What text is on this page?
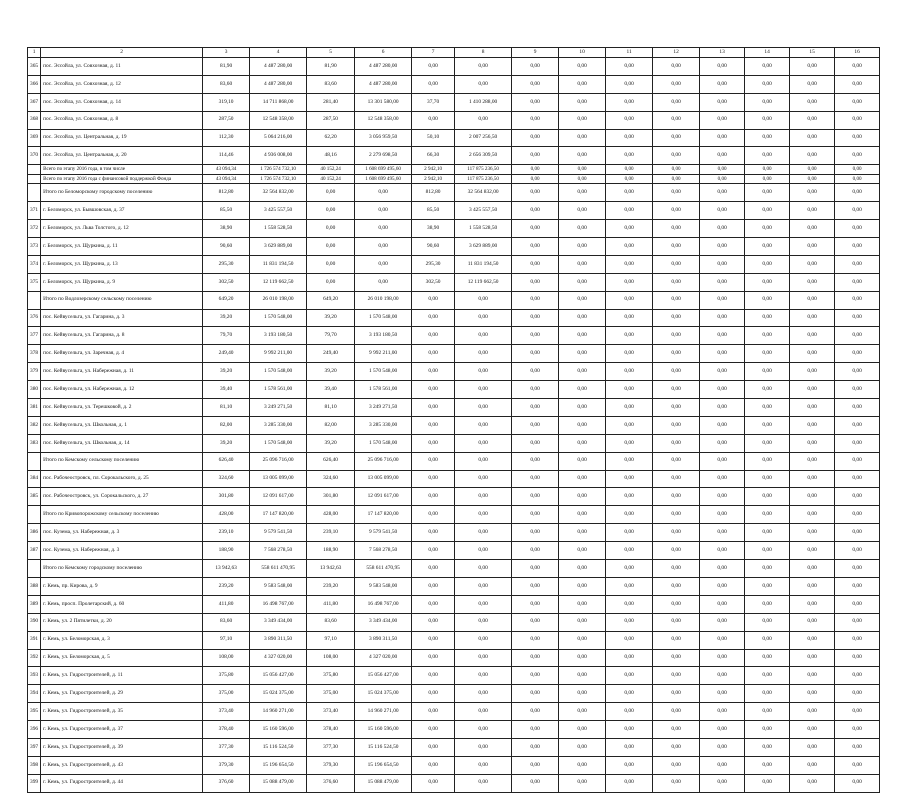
1	2	3	4	5	6	7	8	9	10	11	12	13	14	15	16
365	пос. Эссойла, ул. Совхозная, д. 11	81,90	4 487 280,00	81,90	4 487 280,00	0,00	0,00	0,00	0,00	0,00	0,00	0,00	0,00	0,00	0,00
366	пос. Эссойла, ул. Совхозная, д. 12	83,60	4 487 280,00	83,60	4 487 280,00	0,00	0,00	0,00	0,00	0,00	0,00	0,00	0,00	0,00	0,00
367	пос. Эссойла, ул. Совхозная, д. 14	319,10	14 711 868,00	281,40	13 301 580,00	37,70	1 410 288,00	0,00	0,00	0,00	0,00	0,00	0,00	0,00	0,00
368	пос. Эссойла, ул. Совхозная, д. 8	287,50	12 548 358,00	287,50	12 548 358,00	0,00	0,00	0,00	0,00	0,00	0,00	0,00	0,00	0,00	0,00
369	пос. Эссойла, ул. Центральная, д. 19	112,30	5 064 216,00	62,20	3 056 959,50	50,10	2 007 256,50	0,00	0,00	0,00	0,00	0,00	0,00	0,00	0,00
370	пос. Эссойла, ул. Центральная, д. 20	114,46	4 936 008,00	48,16	2 279 698,50	66,30	2 656 309,50	0,00	0,00	0,00	0,00	0,00	0,00	0,00	0,00
	Всего по этапу 2016 года, в том числе	43 094,34	1 726 574 732,10	40 152,24	1 608 699 495,60	2 942,10	117 875 236,50	0,00	0,00	0,00	0,00	0,00	0,00	0,00	0,00
	Всего по этапу 2016 года с финансовой поддержкой Фонда	43 094,34	1 726 574 732,10	40 152,24	1 608 699 495,60	2 942,10	117 875 236,50	0,00	0,00	0,00	0,00	0,00	0,00	0,00	0,00
	Итого по Беломорскому городскому поселению	812,80	32 564 832,00	0,00	0,00	812,80	32 564 832,00	0,00	0,00	0,00	0,00	0,00	0,00	0,00	0,00
371	г. Беломорск, ул. Бывшовская, д. 37	85,50	3 425 557,50	0,00	0,00	85,50	3 425 557,50	0,00	0,00	0,00	0,00	0,00	0,00	0,00	0,00
372	г. Беломорск, ул. Льва Толстого, д. 12	38,90	1 558 528,50	0,00	0,00	38,90	1 558 528,50	0,00	0,00	0,00	0,00	0,00	0,00	0,00	0,00
373	г. Беломорск, ул. Щуркина, д. 11	90,60	3 629 889,00	0,00	0,00	90,60	3 629 889,00	0,00	0,00	0,00	0,00	0,00	0,00	0,00	0,00
374	г. Беломорск, ул. Щуркина, д. 13	295,30	11 831 194,50	0,00	0,00	295,30	11 831 194,50	0,00	0,00	0,00	0,00	0,00	0,00	0,00	0,00
375	г. Беломорск, ул. Щуркина, д. 9	302,50	12 119 662,50	0,00	0,00	302,50	12 119 662,50	0,00	0,00	0,00	0,00	0,00	0,00	0,00	0,00
	Итого по Водлозерскому сельскому поселению	649,20	26 010 198,00	649,20	26 010 198,00	0,00	0,00	0,00	0,00	0,00	0,00	0,00	0,00	0,00	0,00
376	пос. Кейвусельга, ул. Гагарина, д. 3	39,20	1 570 548,00	39,20	1 570 548,00	0,00	0,00	0,00	0,00	0,00	0,00	0,00	0,00	0,00	0,00
377	пос. Кейвусельга, ул. Гагарина, д. 8	79,70	3 193 180,50	79,70	3 193 180,50	0,00	0,00	0,00	0,00	0,00	0,00	0,00	0,00	0,00	0,00
378	пос. Кейвусельга, ул. Заречная, д. 4	249,40	9 992 211,00	249,40	9 992 211,00	0,00	0,00	0,00	0,00	0,00	0,00	0,00	0,00	0,00	0,00
379	пос. Кейвусельга, ул. Набережная, д. 11	39,20	1 570 548,00	39,20	1 570 548,00	0,00	0,00	0,00	0,00	0,00	0,00	0,00	0,00	0,00	0,00
380	пос. Кейвусельга, ул. Набережная, д. 12	39,40	1 578 561,00	39,40	1 578 561,00	0,00	0,00	0,00	0,00	0,00	0,00	0,00	0,00	0,00	0,00
381	пос. Кейвусельга, ул. Терешковой, д. 2	81,10	3 249 271,50	81,10	3 249 271,50	0,00	0,00	0,00	0,00	0,00	0,00	0,00	0,00	0,00	0,00
382	пос. Кейвусельга, ул. Школьная, д. 1	82,00	3 285 330,00	82,00	3 285 330,00	0,00	0,00	0,00	0,00	0,00	0,00	0,00	0,00	0,00	0,00
383	пос. Кейвусельга, ул. Школьная, д. 14	39,20	1 570 548,00	39,20	1 570 548,00	0,00	0,00	0,00	0,00	0,00	0,00	0,00	0,00	0,00	0,00
	Итого по Кемскому сельскому поселению	626,40	25 096 716,00	626,40	25 096 716,00	0,00	0,00	0,00	0,00	0,00	0,00	0,00	0,00	0,00	0,00
384	пос. Рабочеостровск, пл. Сорокальского, д. 25	324,60	13 005 099,00	324,60	13 005 099,00	0,00	0,00	0,00	0,00	0,00	0,00	0,00	0,00	0,00	0,00
385	пос. Рабочеостровск, ул. Сорокальского, д. 27	301,80	12 091 617,00	301,80	12 091 617,00	0,00	0,00	0,00	0,00	0,00	0,00	0,00	0,00	0,00	0,00
	Итого по Кривопорожскому сельскому поселению	428,00	17 147 820,00	428,00	17 147 820,00	0,00	0,00	0,00	0,00	0,00	0,00	0,00	0,00	0,00	0,00
386	пос. Кузема, ул. Набережная, д. 3	239,10	9 579 541,50	239,10	9 579 541,50	0,00	0,00	0,00	0,00	0,00	0,00	0,00	0,00	0,00	0,00
387	пос. Кузема, ул. Набережная, д. 3	188,90	7 568 278,50	188,90	7 568 278,50	0,00	0,00	0,00	0,00	0,00	0,00	0,00	0,00	0,00	0,00
	Итого по Кемскому городскому поселению	13 942,63	558 611 470,95	13 942,63	558 611 470,95	0,00	0,00	0,00	0,00	0,00	0,00	0,00	0,00	0,00	0,00
388	г. Кемь, пр. Кирова, д. 9	239,20	9 583 548,00	239,20	9 583 548,00	0,00	0,00	0,00	0,00	0,00	0,00	0,00	0,00	0,00	0,00
389	г. Кемь, просп. Пролетарский, д. 60	411,80	16 498 767,00	411,80	16 498 767,00	0,00	0,00	0,00	0,00	0,00	0,00	0,00	0,00	0,00	0,00
390	г. Кемь, ул. 2 Пятилетки, д. 20	83,60	3 349 434,00	83,60	3 349 434,00	0,00	0,00	0,00	0,00	0,00	0,00	0,00	0,00	0,00	0,00
391	г. Кемь, ул. Беломорская, д. 3	97,10	3 890 311,50	97,10	3 890 311,50	0,00	0,00	0,00	0,00	0,00	0,00	0,00	0,00	0,00	0,00
392	г. Кемь, ул. Беломорская, д. 5	108,00	4 327 020,00	108,00	4 327 020,00	0,00	0,00	0,00	0,00	0,00	0,00	0,00	0,00	0,00	0,00
393	г. Кемь, ул. Гидростроителей, д. 11	375,80	15 056 427,00	375,80	15 056 427,00	0,00	0,00	0,00	0,00	0,00	0,00	0,00	0,00	0,00	0,00
394	г. Кемь, ул. Гидростроителей, д. 29	375,00	15 024 375,00	375,00	15 024 375,00	0,00	0,00	0,00	0,00	0,00	0,00	0,00	0,00	0,00	0,00
395	г. Кемь, ул. Гидростроителей, д. 35	373,40	14 960 271,00	373,40	14 960 271,00	0,00	0,00	0,00	0,00	0,00	0,00	0,00	0,00	0,00	0,00
396	г. Кемь, ул. Гидростроителей, д. 37	378,40	15 160 596,00	378,40	15 160 596,00	0,00	0,00	0,00	0,00	0,00	0,00	0,00	0,00	0,00	0,00
397	г. Кемь, ул. Гидростроителей, д. 39	377,30	15 116 524,50	377,30	15 116 524,50	0,00	0,00	0,00	0,00	0,00	0,00	0,00	0,00	0,00	0,00
398	г. Кемь, ул. Гидростроителей, д. 43	379,30	15 196 654,50	379,30	15 196 654,50	0,00	0,00	0,00	0,00	0,00	0,00	0,00	0,00	0,00	0,00
399	г. Кемь, ул. Гидростроителей, д. 44	376,60	15 088 479,00	376,60	15 088 479,00	0,00	0,00	0,00	0,00	0,00	0,00	0,00	0,00	0,00	0,00
